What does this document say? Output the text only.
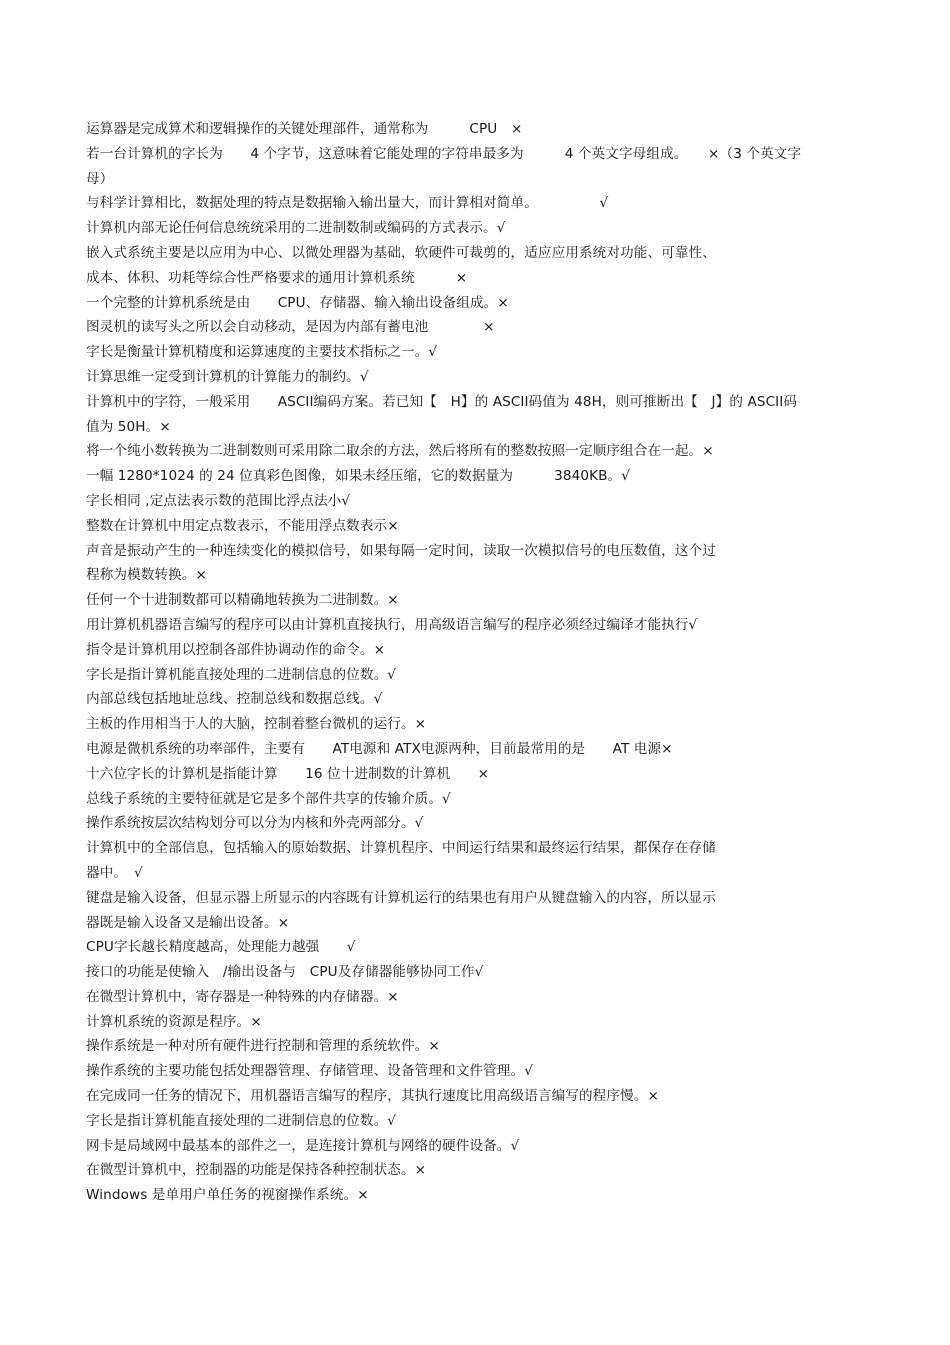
运算器是完成算术和逻辑操作的关键处理部件，通常称为　　　CPU　×

若一台计算机的字长为　　4 个字节，这意味着它能处理的字符串最多为　　　4 个英文字母组成。　　×（3 个英文字

母）

与科学计算相比，数据处理的特点是数据输入输出量大，而计算相对简单。　　　　　√

计算机内部无论任何信息统统采用的二进制数制或编码的方式表示。√

嵌入式系统主要是以应用为中心、以微处理器为基础，软硬件可裁剪的，适应应用系统对功能、可靠性、

成本、体积、功耗等综合性严格要求的通用计算机系统　　　×

一个完整的计算机系统是由　　CPU、存储器、输入输出设备组成。×

图灵机的读写头之所以会自动移动，是因为内部有蓄电池　　　　×

字长是衡量计算机精度和运算速度的主要技术指标之一。√

计算思维一定受到计算机的计算能力的制约。√

计算机中的字符，一般采用　　ASCII编码方案。若已知【　H】的 ASCII码值为 48H，则可推断出【　J】的 ASCII码

值为 50H。×

将一个纯小数转换为二进制数则可采用除二取余的方法，然后将所有的整数按照一定顺序组合在一起。×

一幅 1280*1024 的 24 位真彩色图像，如果未经压缩，它的数据量为　　　3840KB。√

字长相同 ,定点法表示数的范围比浮点法小√

整数在计算机中用定点数表示，不能用浮点数表示×

声音是振动产生的一种连续变化的模拟信号，如果每隔一定时间，读取一次模拟信号的电压数值，这个过

程称为模数转换。×

任何一个十进制数都可以精确地转换为二进制数。×

用计算机机器语言编写的程序可以由计算机直接执行，用高级语言编写的程序必须经过编译才能执行√

指令是计算机用以控制各部件协调动作的命令。×

字长是指计算机能直接处理的二进制信息的位数。√

内部总线包括地址总线、控制总线和数据总线。√

主板的作用相当于人的大脑，控制着整台微机的运行。×

电源是微机系统的功率部件，主要有　　AT电源和 ATX电源两种，目前最常用的是　　AT 电源×

十六位字长的计算机是指能计算　　16 位十进制数的计算机　　×

总线子系统的主要特征就是它是多个部件共享的传输介质。√

操作系统按层次结构划分可以分为内核和外壳两部分。√

计算机中的全部信息，包括输入的原始数据、计算机程序、中间运行结果和最终运行结果，都保存在存储

器中。　√

键盘是输入设备，但显示器上所显示的内容既有计算机运行的结果也有用户从键盘输入的内容，所以显示

器既是输入设备又是输出设备。×

CPU字长越长精度越高，处理能力越强　　√

接口的功能是使输入　/输出设备与　CPU及存储器能够协同工作√

在微型计算机中，寄存器是一种特殊的内存储器。×

计算机系统的资源是程序。×

操作系统是一种对所有硬件进行控制和管理的系统软件。×

操作系统的主要功能包括处理器管理、存储管理、设备管理和文件管理。√

在完成同一任务的情况下，用机器语言编写的程序，其执行速度比用高级语言编写的程序慢。×

字长是指计算机能直接处理的二进制信息的位数。√

网卡是局域网中最基本的部件之一，是连接计算机与网络的硬件设备。√

在微型计算机中，控制器的功能是保持各种控制状态。×

Windows 是单用户单任务的视窗操作系统。×
